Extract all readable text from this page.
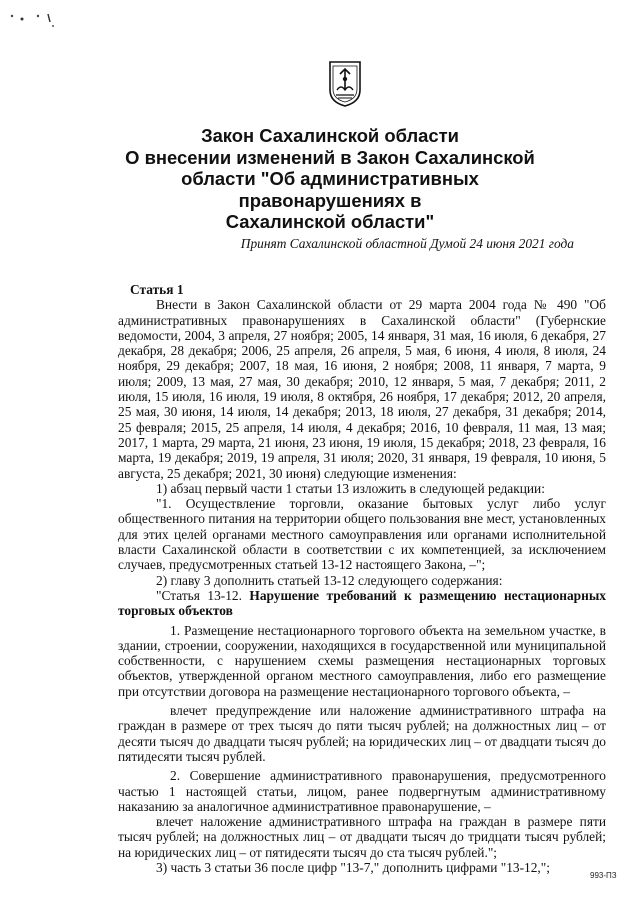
Закон Сахалинской области
О внесении изменений в Закон Сахалинской
области "Об административных правонарушениях в
Сахалинской области"

Принят Сахалинской областной Думой 24 июня 2021 года

Статья 1

Внести в Закон Сахалинской области от 29 марта 2004 года № 490 "Об административных правонарушениях в Сахалинской области" (Губернские ведомости, 2004, 3 апреля, 27 ноября; 2005, 14 января, 31 мая, 16 июля, 6 декабря, 27 декабря, 28 декабря; 2006, 25 апреля, 26 апреля, 5 мая, 6 июня, 4 июля, 8 июля, 24 ноября, 29 декабря; 2007, 18 мая, 16 июня, 2 ноября; 2008, 11 января, 7 марта, 9 июля; 2009, 13 мая, 27 мая, 30 декабря; 2010, 12 января, 5 мая, 7 декабря; 2011, 2 июля, 15 июля, 16 июля, 19 июля, 8 октября, 26 ноября, 17 декабря; 2012, 20 апреля, 25 мая, 30 июня, 14 июля, 14 декабря; 2013, 18 июля, 27 декабря, 31 декабря; 2014, 25 февраля; 2015, 25 апреля, 14 июля, 4 декабря; 2016, 10 февраля, 11 мая, 13 мая; 2017, 1 марта, 29 марта, 21 июня, 23 июня, 19 июля, 15 декабря; 2018, 23 февраля, 16 марта, 19 декабря; 2019, 19 апреля, 31 июля; 2020, 31 января, 19 февраля, 10 июня, 5 августа, 25 декабря; 2021, 30 июня) следующие изменения:

1) абзац первый части 1 статьи 13 изложить в следующей редакции:

"1. Осуществление торговли, оказание бытовых услуг либо услуг общественного питания на территории общего пользования вне мест, установленных для этих целей органами местного самоуправления или органами исполнительной власти Сахалинской области в соответствии с их компетенцией, за исключением случаев, предусмотренных статьей 13-12 настоящего Закона, –";

2) главу 3 дополнить статьей 13-12 следующего содержания:

"Статья 13-12. Нарушение требований к размещению нестационарных торговых объектов

1. Размещение нестационарного торгового объекта на земельном участке, в здании, строении, сооружении, находящихся в государственной или муниципальной собственности, с нарушением схемы размещения нестационарных торговых объектов, утвержденной органом местного самоуправления, либо его размещение при отсутствии договора на размещение нестационарного торгового объекта, –

влечет предупреждение или наложение административного штрафа на граждан в размере от трех тысяч до пяти тысяч рублей; на должностных лиц – от десяти тысяч до двадцати тысяч рублей; на юридических лиц – от двадцати тысяч до пятидесяти тысяч рублей.

2. Совершение административного правонарушения, предусмотренного частью 1 настоящей статьи, лицом, ранее подвергнутым административному наказанию за аналогичное административное правонарушение, –

влечет наложение административного штрафа на граждан в размере пяти тысяч рублей; на должностных лиц – от двадцати тысяч до тридцати тысяч рублей; на юридических лиц – от пятидесяти тысяч до ста тысяч рублей.";

3) часть 3 статьи 36 после цифр "13-7," дополнить цифрами "13-12,";

993-ПЗ
